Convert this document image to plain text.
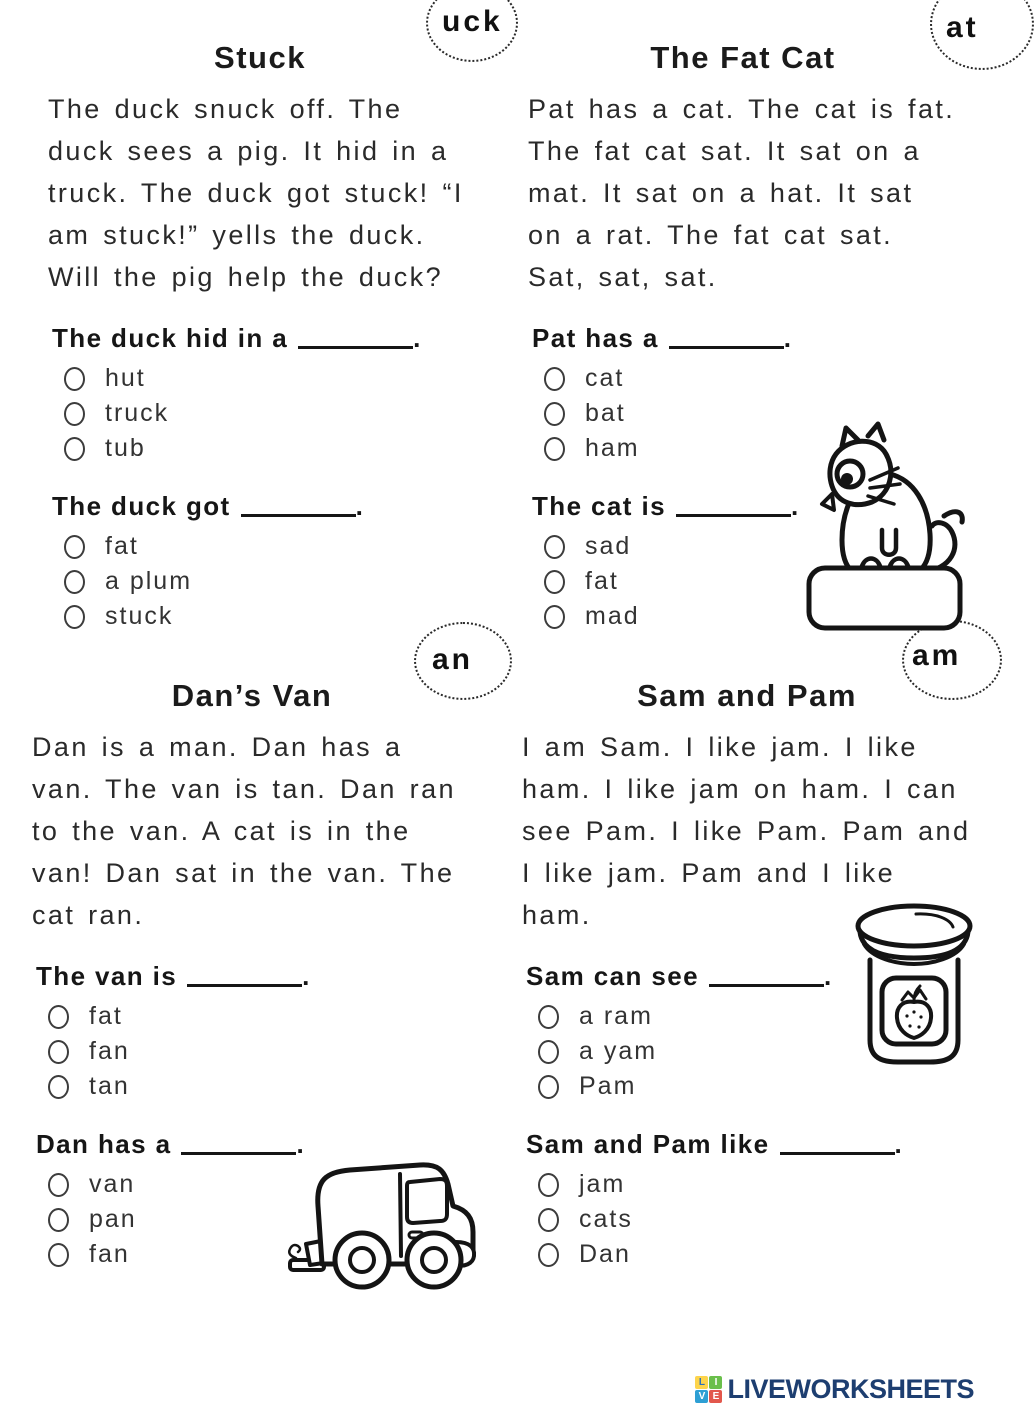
Stuck

The duck snuck off. The duck sees a pig. It hid in a truck. The duck got stuck! “I am stuck!” yells the duck. Will the pig help the duck?

The duck hid in a	.
hut
truck
tub
The duck got	.
fat
a plum
stuck
The Fat Cat

Pat has a cat. The cat is fat. The fat cat sat. It sat on a mat. It sat on a hat. It sat on a rat. The fat cat sat. Sat, sat, sat.

Pat has a	.
cat
bat
ham
The cat is	.
sad
fat
mad
Dan’s Van

Dan is a man. Dan has a van. The van is tan. Dan ran to the van. A cat is in the van! Dan sat in the van. The cat ran.

The van is	.
fat
fan
tan
Dan has a	.
van
pan
fan
Sam and Pam

I am Sam. I like jam. I like ham. I like jam on ham. I can see Pam. I like Pam. Pam and I like jam. Pam and I like ham.

Sam can see	.
a ram
a yam
Pam
Sam and Pam like	.
jam
cats
Dan
uck	at
an	am
L I
V E LIVEWORKSHEETS
